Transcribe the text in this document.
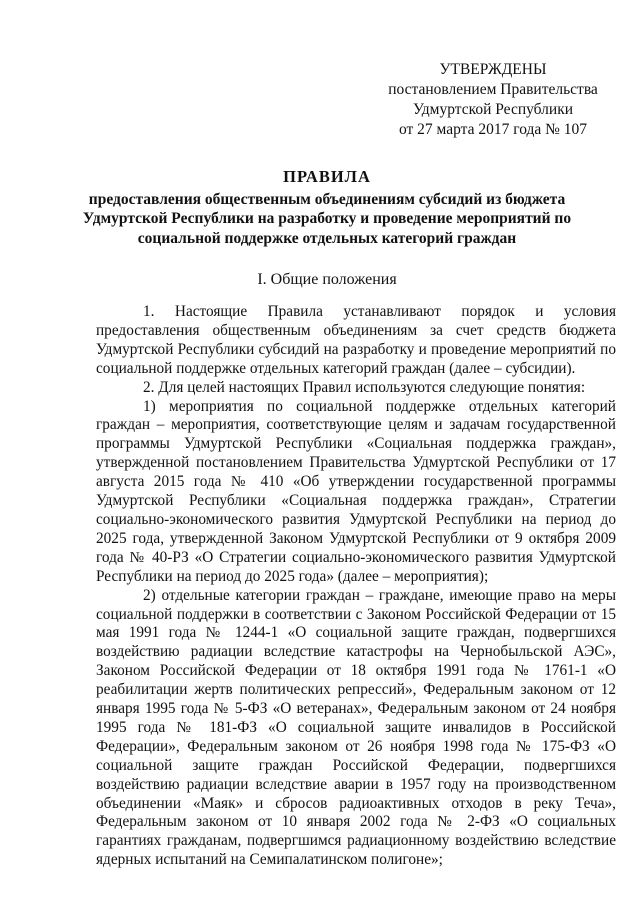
УТВЕРЖДЕНЫ
постановлением Правительства
Удмуртской Республики
от 27 марта 2017 года № 107
ПРАВИЛА
предоставления общественным объединениям субсидий из бюджета Удмуртской Республики на разработку и проведение мероприятий по социальной поддержке отдельных категорий граждан
I. Общие положения

1. Настоящие Правила устанавливают порядок и условия предоставления общественным объединениям за счет средств бюджета Удмуртской Республики субсидий на разработку и проведение мероприятий по социальной поддержке отдельных категорий граждан (далее – субсидии).

2. Для целей настоящих Правил используются следующие понятия:

1) мероприятия по социальной поддержке отдельных категорий граждан – мероприятия, соответствующие целям и задачам государственной программы Удмуртской Республики «Социальная поддержка граждан», утвержденной постановлением Правительства Удмуртской Республики от 17 августа 2015 года № 410 «Об утверждении государственной программы Удмуртской Республики «Социальная поддержка граждан», Стратегии социально-экономического развития Удмуртской Республики на период до 2025 года, утвержденной Законом Удмуртской Республики от 9 октября 2009 года № 40-РЗ «О Стратегии социально-экономического развития Удмуртской Республики на период до 2025 года» (далее – мероприятия);

2) отдельные категории граждан – граждане, имеющие право на меры социальной поддержки в соответствии с Законом Российской Федерации от 15 мая 1991 года № 1244-1 «О социальной защите граждан, подвергшихся воздействию радиации вследствие катастрофы на Чернобыльской АЭС», Законом Российской Федерации от 18 октября 1991 года № 1761-1 «О реабилитации жертв политических репрессий», Федеральным законом от 12 января 1995 года № 5-ФЗ «О ветеранах», Федеральным законом от 24 ноября 1995 года № 181-ФЗ «О социальной защите инвалидов в Российской Федерации», Федеральным законом от 26 ноября 1998 года № 175-ФЗ «О социальной защите граждан Российской Федерации, подвергшихся воздействию радиации вследствие аварии в 1957 году на производственном объединении «Маяк» и сбросов радиоактивных отходов в реку Теча», Федеральным законом от 10 января 2002 года № 2-ФЗ «О социальных гарантиях гражданам, подвергшимся радиационному воздействию вследствие ядерных испытаний на Семипалатинском полигоне»;
